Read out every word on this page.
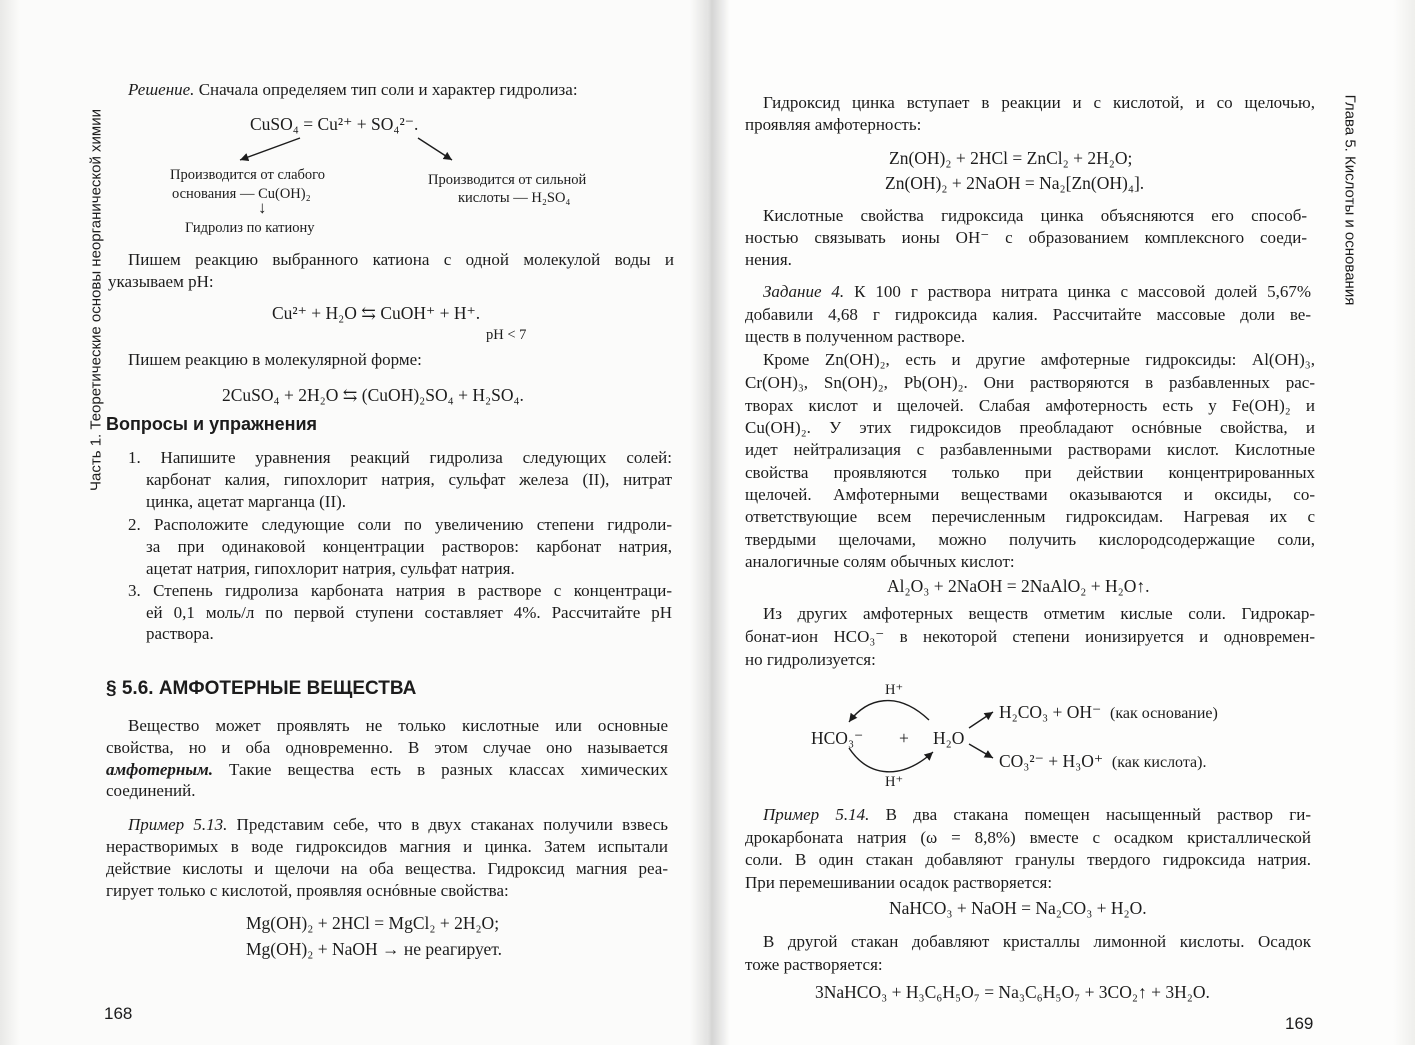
Часть 1. Теоретические основы неорганической химии
Решение. Сначала определяем тип соли и характер гидролиза:
CuSO₄ = Cu²⁺ + SO₄²⁻.
Производится от слабого
основания — Cu(OH)₂
↓
Гидролиз по катиону
Производится от сильной
кислоты — H₂SO₄
Пишем реакцию выбранного катиона с одной молекулой воды и
указываем pH:
Cu²⁺ + H₂O ⇆ CuOH⁺ + H⁺.
pH < 7
Пишем реакцию в молекулярной форме:
2CuSO₄ + 2H₂O ⇆ (CuOH)₂SO₄ + H₂SO₄.
Вопросы и упражнения
1. Напишите уравнения реакций гидролиза следующих солей:
карбонат калия, гипохлорит натрия, сульфат железа (II), нитрат
цинка, ацетат марганца (II).
2. Расположите следующие соли по увеличению степени гидроли-
за при одинаковой концентрации растворов: карбонат натрия,
ацетат натрия, гипохлорит натрия, сульфат натрия.
3. Степень гидролиза карбоната натрия в растворе с концентраци-
ей 0,1 моль/л по первой ступени составляет 4%. Рассчитайте pH
раствора.
§ 5.6. АМФОТЕРНЫЕ ВЕЩЕСТВА
Вещество может проявлять не только кислотные или основные
свойства, но и оба одновременно. В этом случае оно называется
амфотерным. Такие вещества есть в разных классах химических
соединений.
Пример 5.13. Представим себе, что в двух стаканах получили взвесь
нерастворимых в воде гидроксидов магния и цинка. Затем испытали
действие кислоты и щелочи на оба вещества. Гидроксид магния реа-
гирует только с кислотой, проявляя оснóвные свойства:
Mg(OH)₂ + 2HCl = MgCl₂ + 2H₂O;
Mg(OH)₂ + NaOH → не реагирует.
168
Глава 5. Кислоты и основания
Гидроксид цинка вступает в реакции и с кислотой, и со щелочью,
проявляя амфотерность:
Zn(OH)₂ + 2HCl = ZnCl₂ + 2H₂O;
Zn(OH)₂ + 2NaOH = Na₂[Zn(OH)₄].
Кислотные свойства гидроксида цинка объясняются его способ-
ностью связывать ионы OH⁻ с образованием комплексного соеди-
нения.
Задание 4. К 100 г раствора нитрата цинка с массовой долей 5,67%
добавили 4,68 г гидроксида калия. Рассчитайте массовые доли ве-
ществ в полученном растворе.
Кроме Zn(OH)₂, есть и другие амфотерные гидроксиды: Al(OH)₃,
Cr(OH)₃, Sn(OH)₂, Pb(OH)₂. Они растворяются в разбавленных рас-
творах кислот и щелочей. Слабая амфотерность есть у Fe(OH)₂ и
Cu(OH)₂. У этих гидроксидов преобладают оснóвные свойства, и
идет нейтрализация с разбавленными растворами кислот. Кислотные
свойства проявляются только при действии концентрированных
щелочей. Амфотерными веществами оказываются и оксиды, со-
ответствующие всем перечисленным гидроксидам. Нагревая их с
твердыми щелочами, можно получить кислородсодержащие соли,
аналогичные солям обычных кислот:
Al₂O₃ + 2NaOH = 2NaAlO₂ + H₂O↑.
Из других амфотерных веществ отметим кислые соли. Гидрокар-
бонат-ион HCO₃⁻ в некоторой степени ионизируется и одновремен-
но гидролизуется:
H⁺
HCO₃⁻ + H₂O
H⁺
H₂CO₃ + OH⁻ (как основание)
CO₃²⁻ + H₃O⁺ (как кислота).
Пример 5.14. В два стакана помещен насыщенный раствор ги-
дрокарбоната натрия (ω = 8,8%) вместе с осадком кристаллической
соли. В один стакан добавляют гранулы твердого гидроксида натрия.
При перемешивании осадок растворяется:
NaHCO₃ + NaOH = Na₂CO₃ + H₂O.
В другой стакан добавляют кристаллы лимонной кислоты. Осадок
тоже растворяется:
3NaHCO₃ + H₃C₆H₅O₇ = Na₃C₆H₅O₇ + 3CO₂↑ + 3H₂O.
169
